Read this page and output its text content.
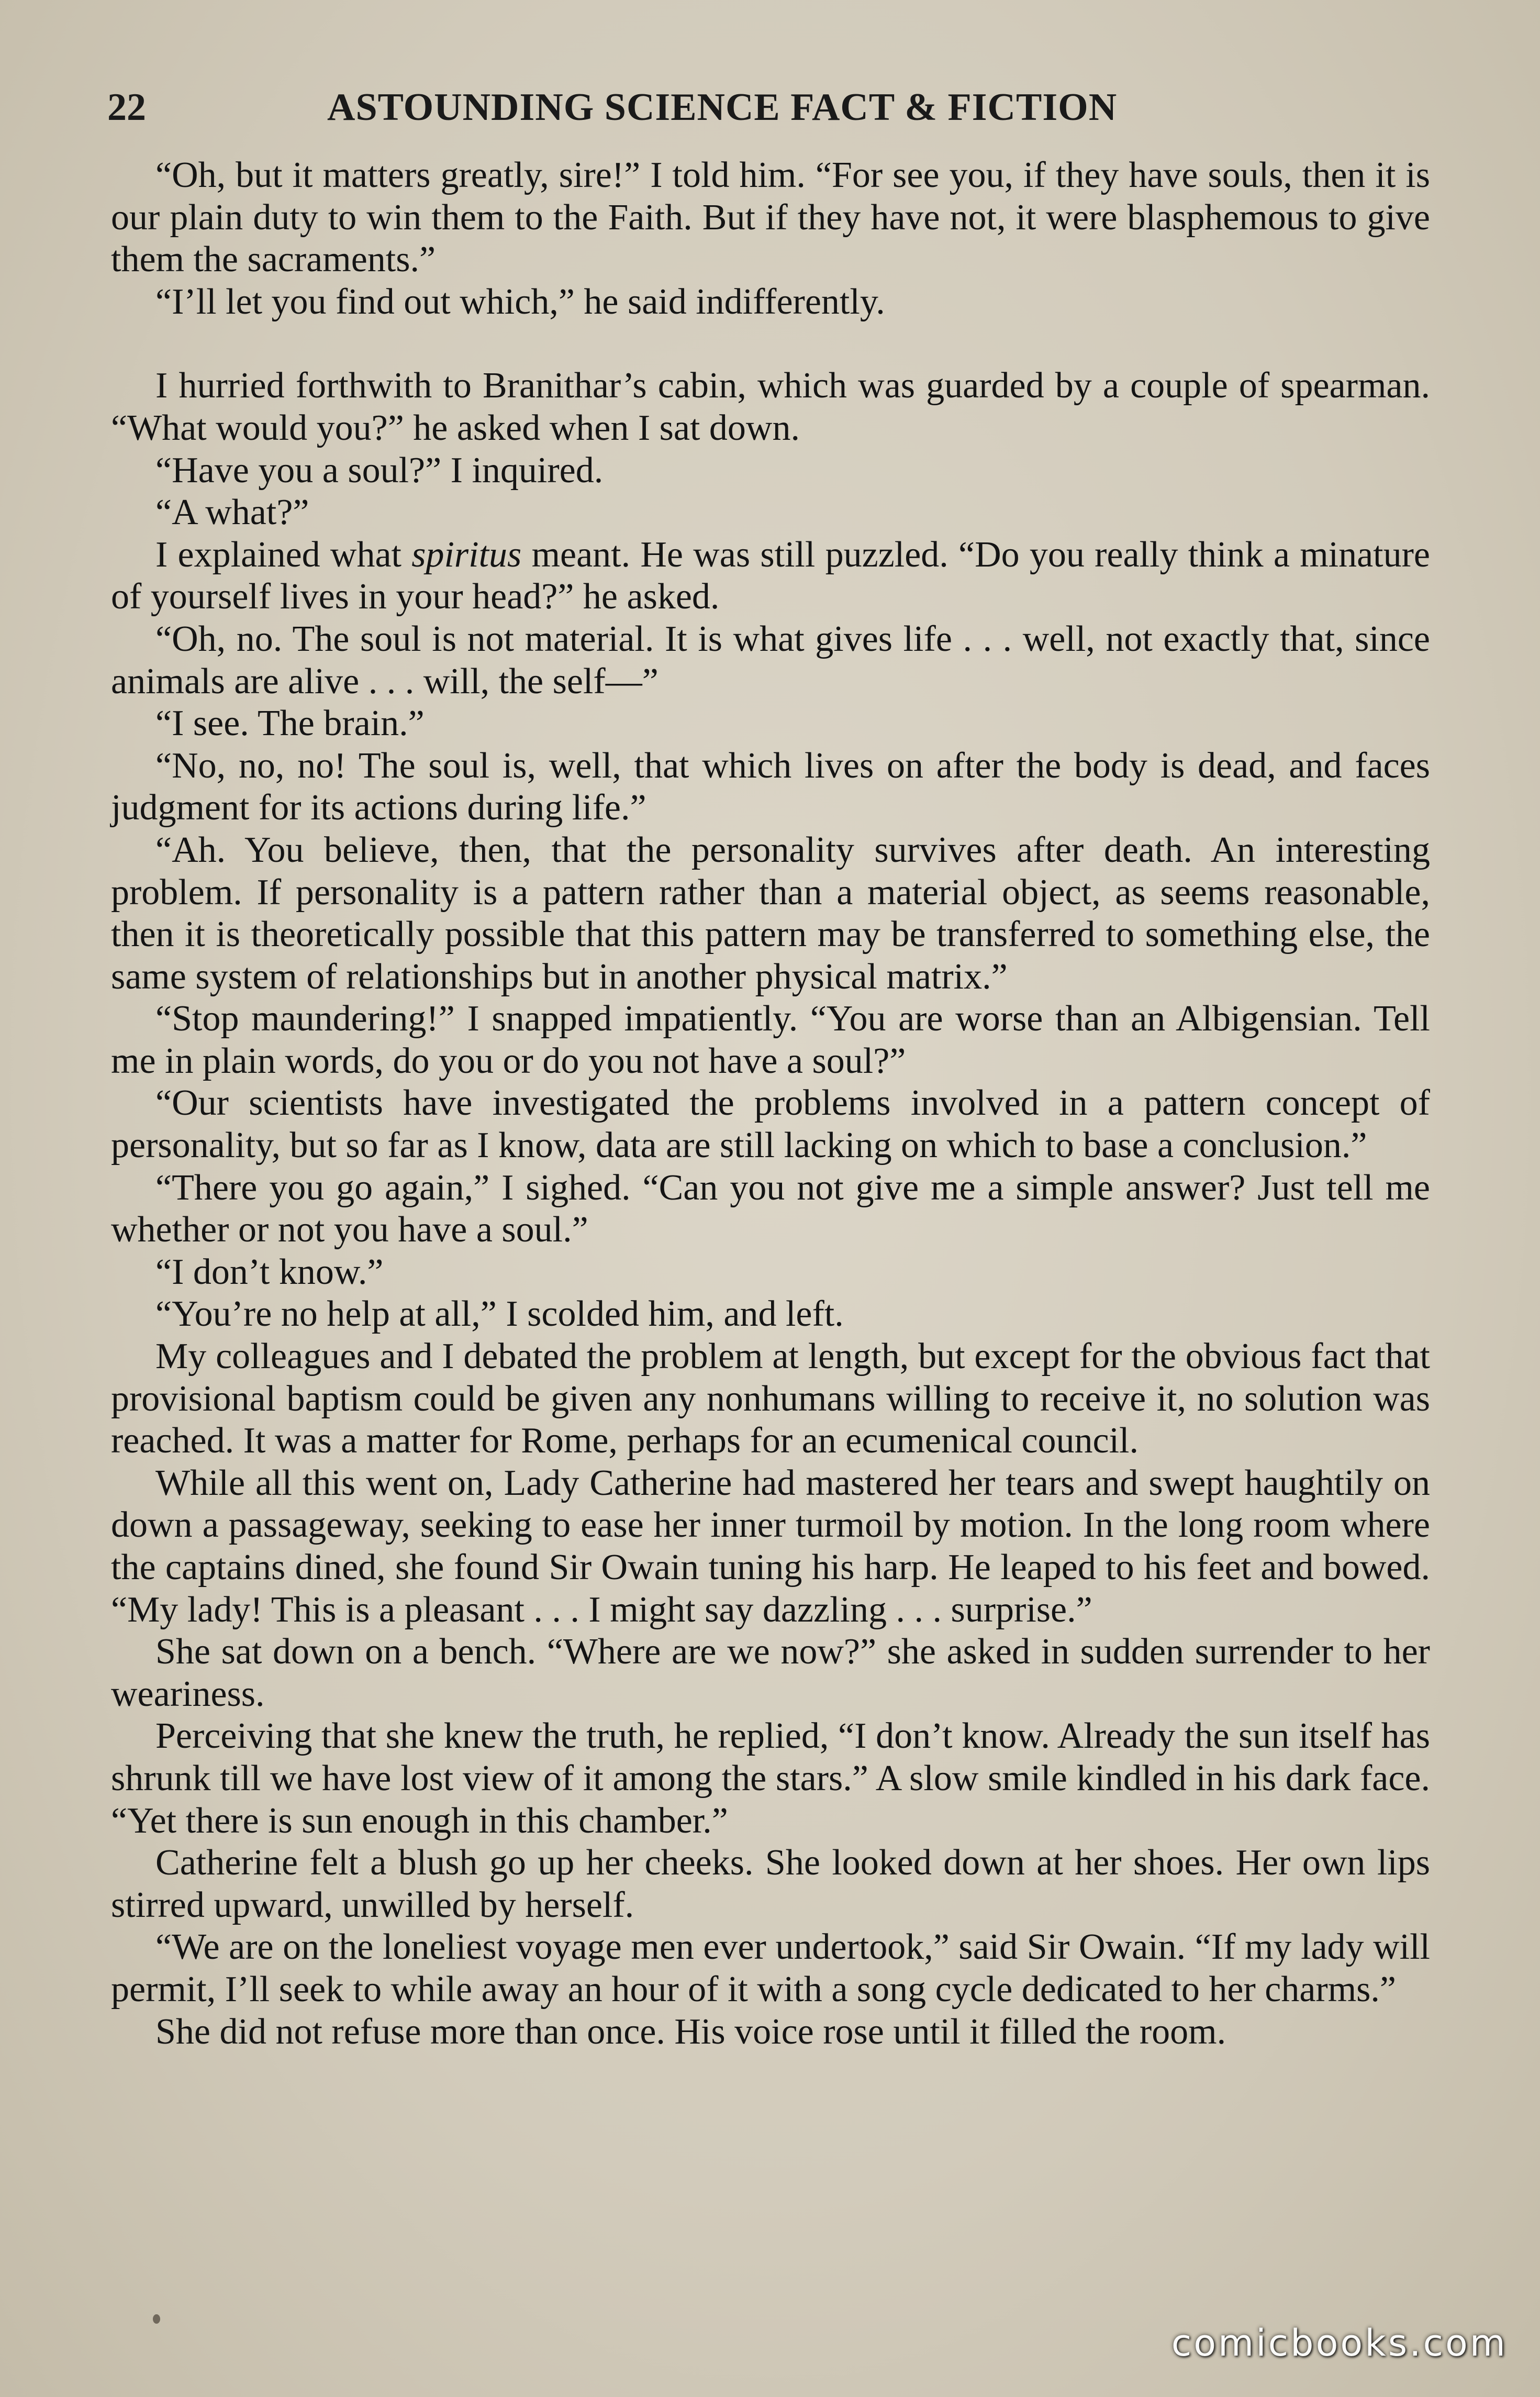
22	ASTOUNDING SCIENCE FACT & FICTION

“Oh, but it matters greatly, sire!” I told him. “For see you, if they have souls, then it is our plain duty to win them to the Faith. But if they have not, it were blasphemous to give them the sacraments.”

“I’ll let you find out which,” he said indifferently.

I hurried forthwith to Branithar’s cabin, which was guarded by a couple of spearman. “What would you?” he asked when I sat down.

“Have you a soul?” I inquired.

“A what?”

I explained what spiritus meant. He was still puzzled. “Do you really think a minature of yourself lives in your head?” he asked.

“Oh, no. The soul is not material. It is what gives life . . . well, not exactly that, since animals are alive . . . will, the self—”

“I see. The brain.”

“No, no, no! The soul is, well, that which lives on after the body is dead, and faces judgment for its actions during life.”

“Ah. You believe, then, that the personality survives after death. An interesting problem. If personality is a pattern rather than a material object, as seems reasonable, then it is theoretically possible that this pattern may be transferred to something else, the same system of relationships but in another physical matrix.”

“Stop maundering!” I snapped impatiently. “You are worse than an Albigensian. Tell me in plain words, do you or do you not have a soul?”

“Our scientists have investigated the problems involved in a pattern concept of personality, but so far as I know, data are still lacking on which to base a conclusion.”

“There you go again,” I sighed. “Can you not give me a simple answer? Just tell me whether or not you have a soul.”

“I don’t know.”

“You’re no help at all,” I scolded him, and left.

My colleagues and I debated the problem at length, but except for the obvious fact that provisional baptism could be given any nonhumans willing to receive it, no solution was reached. It was a matter for Rome, perhaps for an ecumenical council.

While all this went on, Lady Catherine had mastered her tears and swept haughtily on down a passageway, seeking to ease her inner turmoil by motion. In the long room where the captains dined, she found Sir Owain tuning his harp. He leaped to his feet and bowed. “My lady! This is a pleasant . . . I might say dazzling . . . surprise.”

She sat down on a bench. “Where are we now?” she asked in sudden surrender to her weariness.

Perceiving that she knew the truth, he replied, “I don’t know. Already the sun itself has shrunk till we have lost view of it among the stars.” A slow smile kindled in his dark face. “Yet there is sun enough in this chamber.”

Catherine felt a blush go up her cheeks. She looked down at her shoes. Her own lips stirred upward, unwilled by herself.

“We are on the loneliest voyage men ever undertook,” said Sir Owain. “If my lady will permit, I’ll seek to while away an hour of it with a song cycle dedicated to her charms.”

She did not refuse more than once. His voice rose until it filled the room.

comicbooks.com
